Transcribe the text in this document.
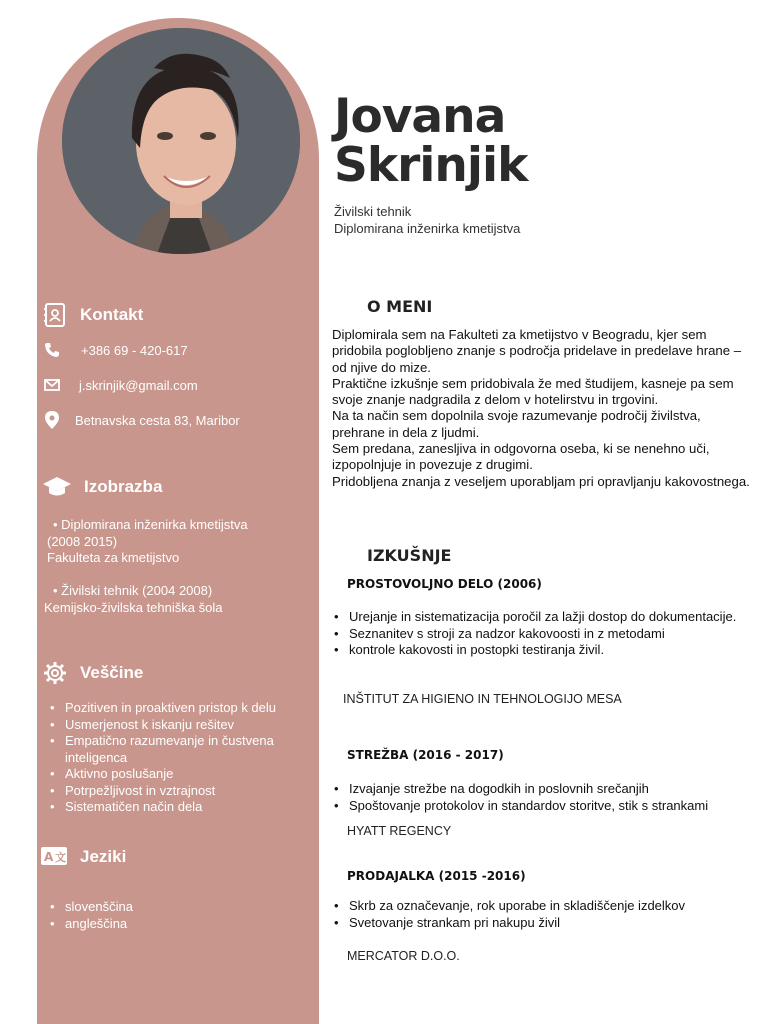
Jovana
Skrinjik
Živilski tehnik
Diplomirana inženirka kmetijstva
Kontakt
+386 69 - 420-617
j.skrinjik@gmail.com
Betnavska cesta 83, Maribor
Izobrazba
• Diplomirana inženirka kmetijstva
(2008 2015)
Fakulteta za kmetijstvo
• Živilski tehnik (2004 2008)
Kemijsko-živilska tehniška šola
Veščine
• Pozitiven in proaktiven pristop k delu
• Usmerjenost k iskanju rešitev
• Empatično razumevanje in čustvena inteligenca
• Aktivno poslušanje
• Potrpežljivost in vztrajnost
• Sistematičen način dela
A 文 Jeziki
• slovenščina
• angleščina
O MENI

Diplomirala sem na Fakulteti za kmetijstvo v Beogradu, kjer sem pridobila poglobljeno znanje s področja pridelave in predelave hrane – od njive do mize.

Praktične izkušnje sem pridobivala že med študijem, kasneje pa sem svoje znanje nadgradila z delom v hotelirstvu in trgovini.

Na ta način sem dopolnila svoje razumevanje področij živilstva, prehrane in dela z ljudmi.

Sem predana, zanesljiva in odgovorna oseba, ki se nenehno uči, izpopolnjuje in povezuje z drugimi.

Pridobljena znanja z veseljem uporabljam pri opravljanju kakovostnega.

IZKUŠNJE
PROSTOVOLJNO DELO (2006)
• Urejanje in sistematizacija poročil za lažji dostop do dokumentacije.
• Seznanitev s stroji za nadzor kakovoosti in z metodami
• kontrole kakovosti in postopki testiranja živil.
INŠTITUT ZA HIGIENO IN TEHNOLOGIJO MESA
STREŽBA (2016 - 2017)
• Izvajanje strežbe na dogodkih in poslovnih srečanjih
• Spoštovanje protokolov in standardov storitve, stik s strankami
HYATT REGENCY
PRODAJALKA (2015 -2016)
• Skrb za označevanje, rok uporabe in skladiščenje izdelkov
• Svetovanje strankam pri nakupu živil
MERCATOR D.O.O.
